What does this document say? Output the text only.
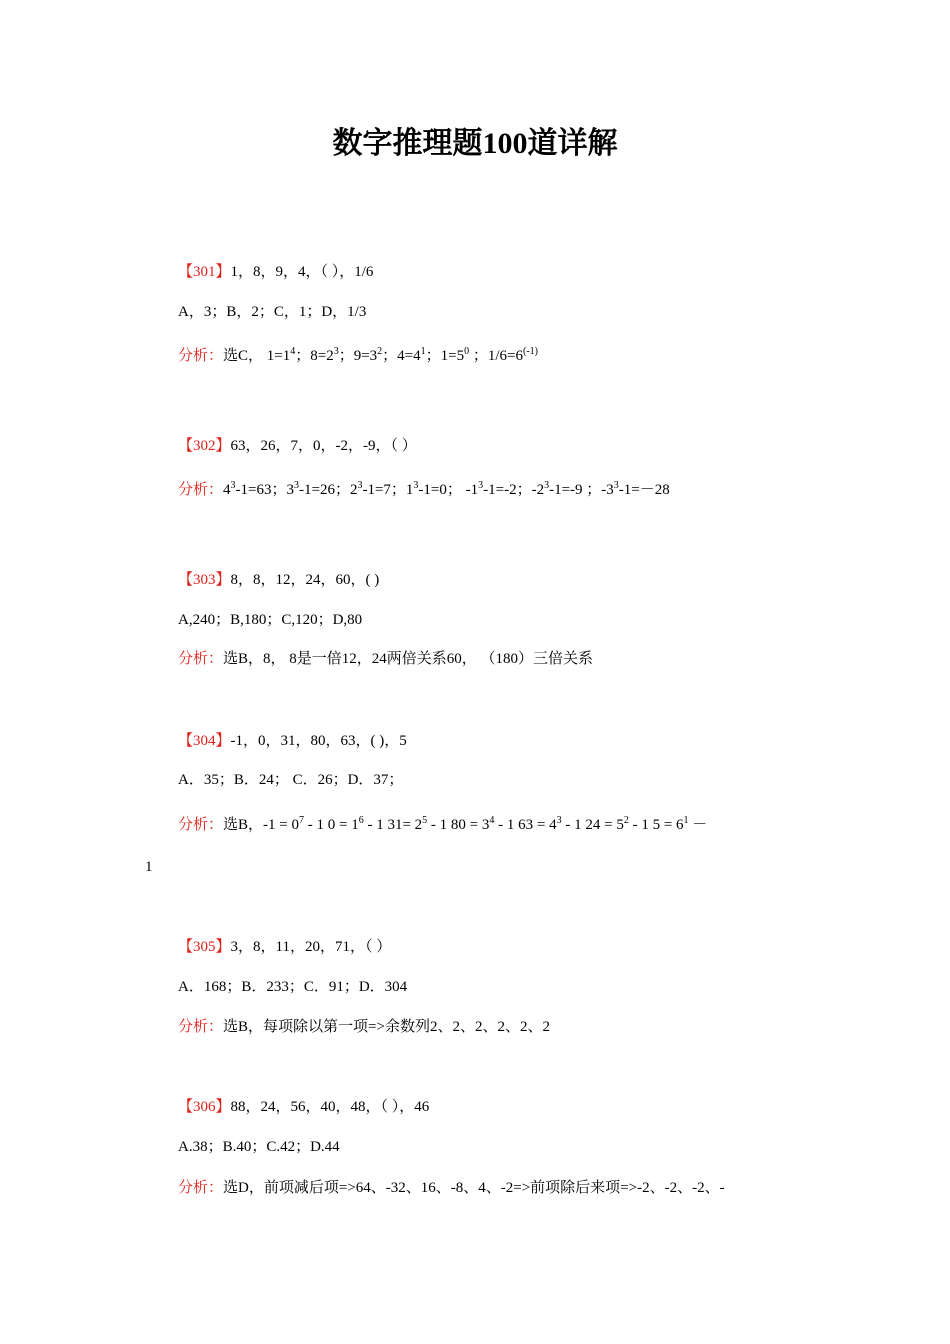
数字推理题100道详解
【301】1，8，9，4，（ ），1/6
A，3；B，2；C，1；D，1/3
分析：选C， $1=1^4$；$8=2^3$；$9=3^2$；$4=4^1$；$1=5^0$ ；$1/6=6^{(-1)}$
【302】63，26，7，0，-2，-9，（ ）
分析：$4^3-1=63$；$3^3-1=26$；$2^3-1=7$；$1^3-1=0$； $-1^3-1=-2$；$-2^3-1=-9$ ；$-3^3-1=-28$
【303】8，8，12，24，60，( )
A,240；B,180；C,120；D,80
分析：选B，8， 8是一倍12，24两倍关系60， （180）三倍关系
【304】-1，0，31，80，63，( )，5
A．35；B．24； C．26；D．37；
分析：选B，$-1 = 0^7 - 1$ $0 = 1^6 - 1$ $31= 2^5 - 1$ $80 = 3^4 - 1$ $63 = 4^3 - 1$ $24 = 5^2 - 1$ $5 = 6^1$ －
1
【305】3，8，11，20，71，（ ）
A．168；B．233；C．91；D．304
分析：选B，每项除以第一项=>余数列2、2、2、2、2、2
【306】88，24，56，40，48，（ ），46
A.38；B.40；C.42；D.44
分析：选D，前项减后项=>64、-32、16、-8、4、-2=>前项除后来项=>-2、-2、-2、-
